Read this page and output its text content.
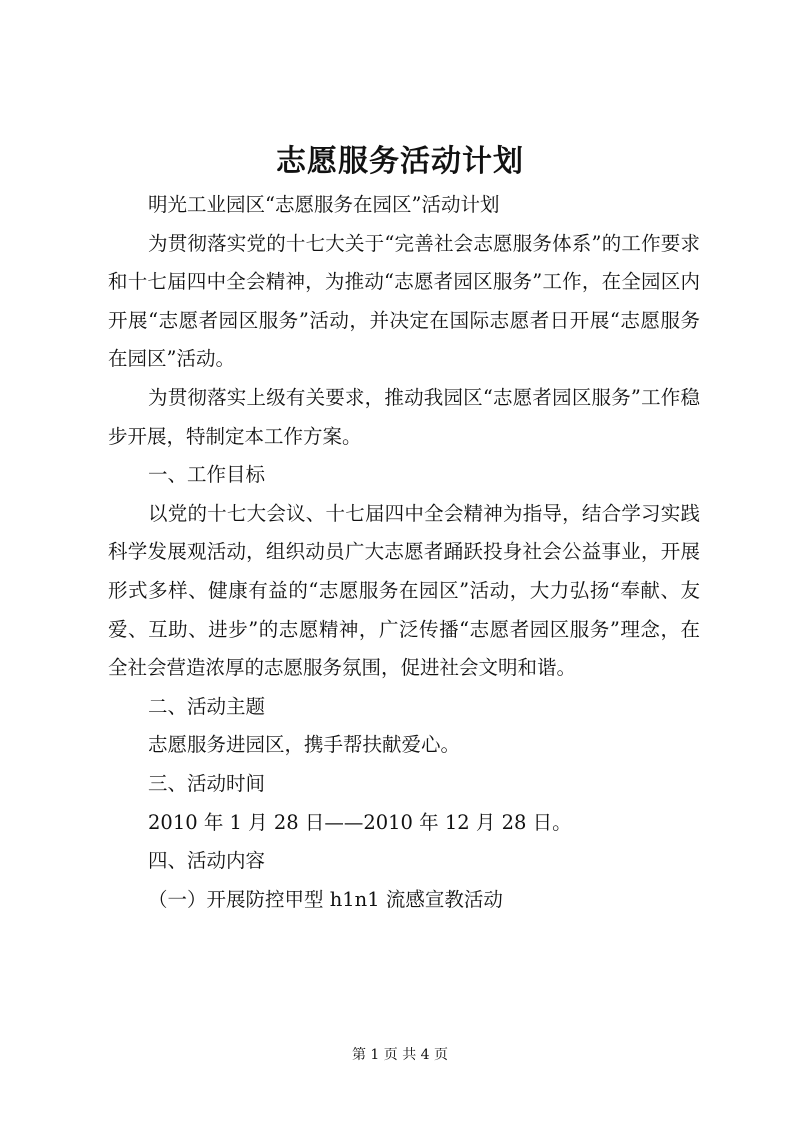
志愿服务活动计划

明光工业园区“志愿服务在园区”活动计划

为贯彻落实党的十七大关于“完善社会志愿服务体系”的工作要求和十七届四中全会精神，为推动“志愿者园区服务”工作，在全园区内开展“志愿者园区服务”活动，并决定在国际志愿者日开展“志愿服务在园区”活动。

为贯彻落实上级有关要求，推动我园区“志愿者园区服务”工作稳步开展，特制定本工作方案。

一、工作目标

以党的十七大会议、十七届四中全会精神为指导，结合学习实践科学发展观活动，组织动员广大志愿者踊跃投身社会公益事业，开展形式多样、健康有益的“志愿服务在园区”活动，大力弘扬“奉献、友爱、互助、进步”的志愿精神，广泛传播“志愿者园区服务”理念，在全社会营造浓厚的志愿服务氛围，促进社会文明和谐。

二、活动主题

志愿服务进园区，携手帮扶献爱心。

三、活动时间

2010 年 1 月 28 日——2010 年 12 月 28 日。

四、活动内容

（一）开展防控甲型 h1n1 流感宣教活动

第 1 页 共 4 页
